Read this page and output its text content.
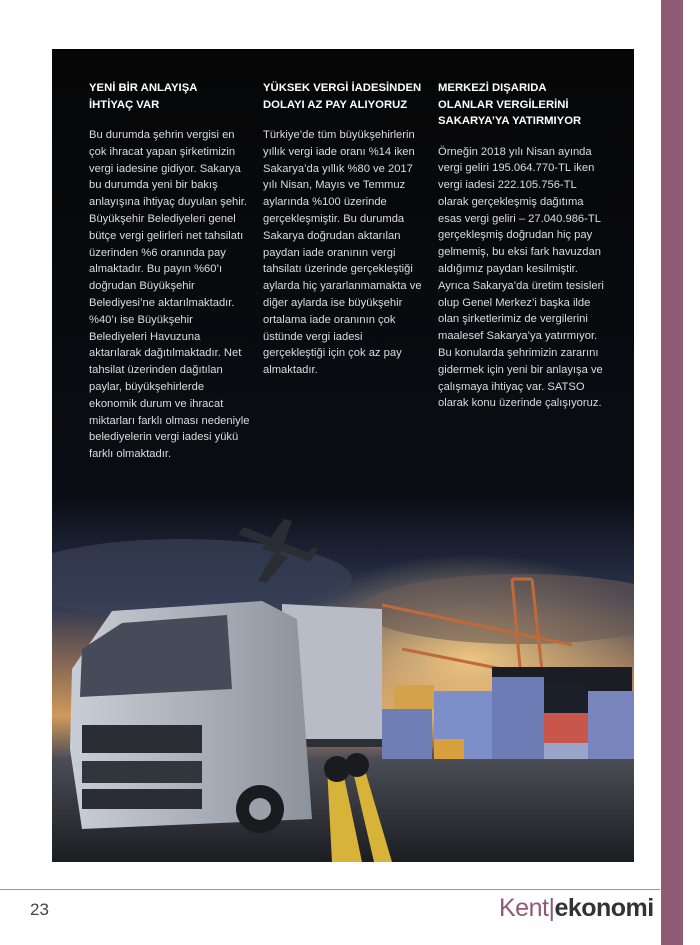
www.kentekonomi.com
TEMMUZ 2018
»İş Dünyası
YENİ BİR ANLAYIŞA
İHTİYAÇ VAR

Bu durumda şehrin vergisi en çok ihracat yapan şirketimizin vergi iadesine gidiyor. Sakarya bu durumda yeni bir bakış anlayışına ihtiyaç duyulan şehir. Büyükşehir Belediyeleri genel bütçe vergi gelirleri net tahsilatı üzerinden %6 oranında pay almaktadır. Bu payın %60’ı doğrudan Büyükşehir Belediyesi’ne aktarılmaktadır. %40’ı ise Büyükşehir Belediyeleri Havuzuna aktarılarak dağıtılmaktadır. Net tahsilat üzerinden dağıtılan paylar, büyükşehirlerde ekonomik durum ve ihracat miktarları farklı olması nedeniyle belediyelerin vergi iadesi yükü farklı olmaktadır.

YÜKSEK VERGİ İADESİNDEN
DOLAYI AZ PAY ALIYORUZ

Türkiye’de tüm büyükşehirlerin yıllık vergi iade oranı %14 iken Sakarya’da yıllık %80 ve 2017 yılı Nisan, Mayıs ve Temmuz aylarında %100 üzerinde gerçekleşmiştir. Bu durumda Sakarya doğrudan aktarılan paydan iade oranının vergi tahsilatı üzerinde gerçekleştiği aylarda hiç yararlanmamakta ve diğer aylarda ise büyükşehir ortalama iade oranının çok üstünde vergi iadesi gerçekleştiği için çok az pay almaktadır.

MERKEZİ DIŞARIDA
OLANLAR VERGİLERİNİ
SAKARYA’YA YATIRMIYOR

Örneğin 2018 yılı Nisan ayında vergi geliri 195.064.770-TL iken vergi iadesi 222.105.756-TL olarak gerçekleşmiş dağıtıma esas vergi geliri – 27.040.986-TL gerçekleşmiş doğrudan hiç pay gelmemiş, bu eksi fark havuzdan aldığımız paydan kesilmiştir.

Ayrıca Sakarya’da üretim tesisleri olup Genel Merkez’i başka ilde olan şirketlerimiz de vergilerini maalesef Sakarya’ya yatırmıyor. Bu konularda şehrimizin zararını gidermek için yeni bir anlayışa ve çalışmaya ihtiyaç var. SATSO olarak konu üzerinde çalışıyoruz.

23	Kent|ekonomi
